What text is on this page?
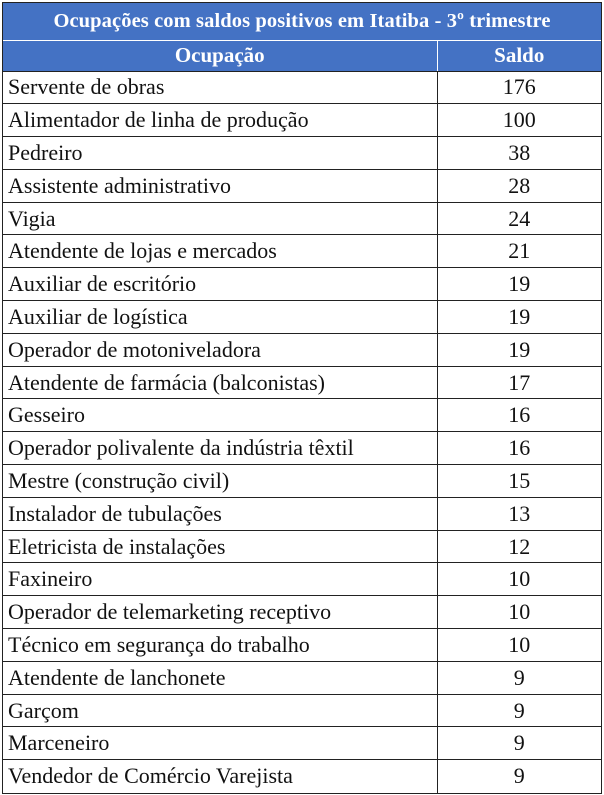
Ocupações com saldos positivos em Itatiba - 3º trimestre	
Ocupação	Saldo
Servente de obras	176
Alimentador de linha de produção	100
Pedreiro	38
Assistente administrativo	28
Vigia	24
Atendente de lojas e mercados	21
Auxiliar de escritório	19
Auxiliar de logística	19
Operador de motoniveladora	19
Atendente de farmácia (balconistas)	17
Gesseiro	16
Operador polivalente da indústria têxtil	16
Mestre (construção civil)	15
Instalador de tubulações	13
Eletricista de instalações	12
Faxineiro	10
Operador de telemarketing receptivo	10
Técnico em segurança do trabalho	10
Atendente de lanchonete	9
Garçom	9
Marceneiro	9
Vendedor de Comércio Varejista	9
